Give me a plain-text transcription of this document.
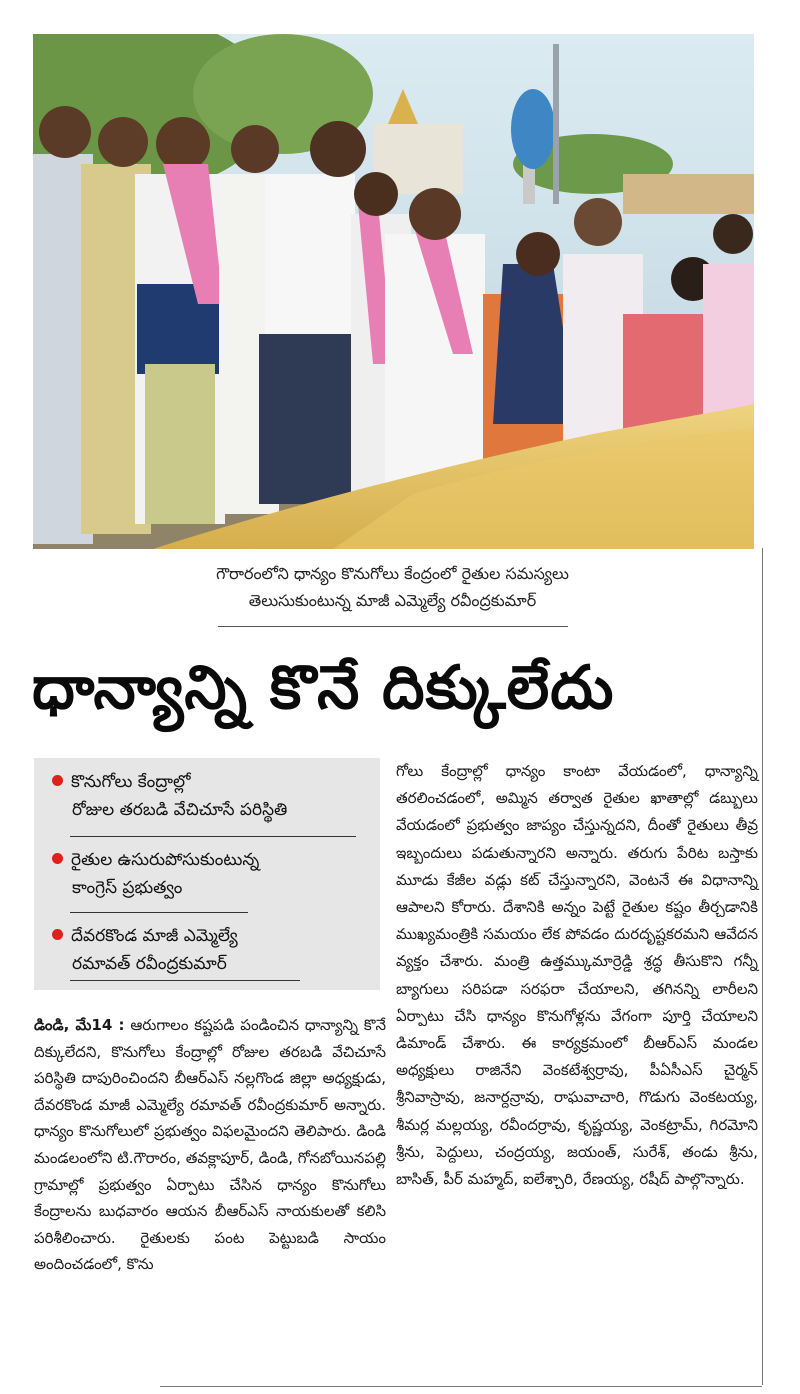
గౌరారంలోని ధాన్యం కొనుగోలు కేంద్రంలో రైతుల సమస్యలు
తెలుసుకుంటున్న మాజీ ఎమ్మెల్యే రవీంద్రకుమార్
ధాన్యాన్ని కొనే దిక్కులేదు
కొనుగోలు కేంద్రాల్లో
రోజుల తరబడి వేచిచూసే పరిస్థితి
రైతుల ఉసురుపోసుకుంటున్న
కాంగ్రెస్ ప్రభుత్వం
దేవరకొండ మాజీ ఎమ్మెల్యే
రమావత్ రవీంద్రకుమార్

డిండి, మే14 : ఆరుగాలం కష్టపడి పండించిన ధాన్యాన్ని కొనే దిక్కులేదని, కొనుగోలు కేంద్రాల్లో రోజుల తరబడి వేచిచూసే పరిస్థితి దాపురించిందని బీఆర్ఎస్ నల్లగొండ జిల్లా అధ్యక్షుడు, దేవరకొండ మాజీ ఎమ్మెల్యే రమావత్ రవీంద్రకుమార్ అన్నారు. ధాన్యం కొనుగోలులో ప్రభుత్వం విఫలమైందని తెలిపారు. డిండి మండలంలోని టి.గౌరారం, తవక్లాపూర్, డిండి, గోనబోయినపల్లి గ్రామాల్లో ప్రభుత్వం ఏర్పాటు చేసిన ధాన్యం కొనుగోలు కేంద్రాలను బుధవారం ఆయన బీఆర్ఎస్ నాయకులతో కలిసి పరిశీలించారు. రైతులకు పంట పెట్టుబడి సాయం అందించడంలో, కొను

గోలు కేంద్రాల్లో ధాన్యం కాంటా వేయడంలో, ధాన్యాన్ని తరలించడంలో, అమ్మిన తర్వాత రైతుల ఖాతాల్లో డబ్బులు వేయడంలో ప్రభుత్వం జాప్యం చేస్తున్నదని, దీంతో రైతులు తీవ్ర ఇబ్బందులు పడుతున్నారని అన్నారు. తరుగు పేరిట బస్తాకు మూడు కేజీల వడ్లు కట్ చేస్తున్నారని, వెంటనే ఈ విధానాన్ని ఆపాలని కోరారు. దేశానికి అన్నం పెట్టే రైతుల కష్టం తీర్చడానికి ముఖ్యమంత్రికి సమయం లేక పోవడం దురదృష్టకరమని ఆవేదన వ్యక్తం చేశారు. మంత్రి ఉత్తమ్కుమార్రెడ్డి శ్రద్ధ తీసుకొని గన్నీ బ్యాగులు సరిపడా సరఫరా చేయాలని, తగినన్ని లారీలని ఏర్పాటు చేసి ధాన్యం కొనుగోళ్లను వేగంగా పూర్తి చేయాలని డిమాండ్ చేశారు. ఈ కార్యక్రమంలో బీఆర్ఎస్ మండల అధ్యక్షులు రాజినేని వెంకటేశ్వర్రావు, పీఏసీఎస్ చైర్మన్ శ్రీనివాస్రావు, జనార్దన్రావు, రాఘవాచారి, గొడుగు వెంకటయ్య, శీమర్ల మల్లయ్య, రవీందర్రావు, కృష్ణయ్య, వెంకట్రామ్, గిరమోని శ్రీను, పెద్దులు, చంద్రయ్య, జయంత్, సురేశ్, తండు శ్రీను, బాసిత్, పీర్ మహ్మద్, ఐలేశ్చారి, రేణయ్య, రషీద్ పాల్గొన్నారు.
